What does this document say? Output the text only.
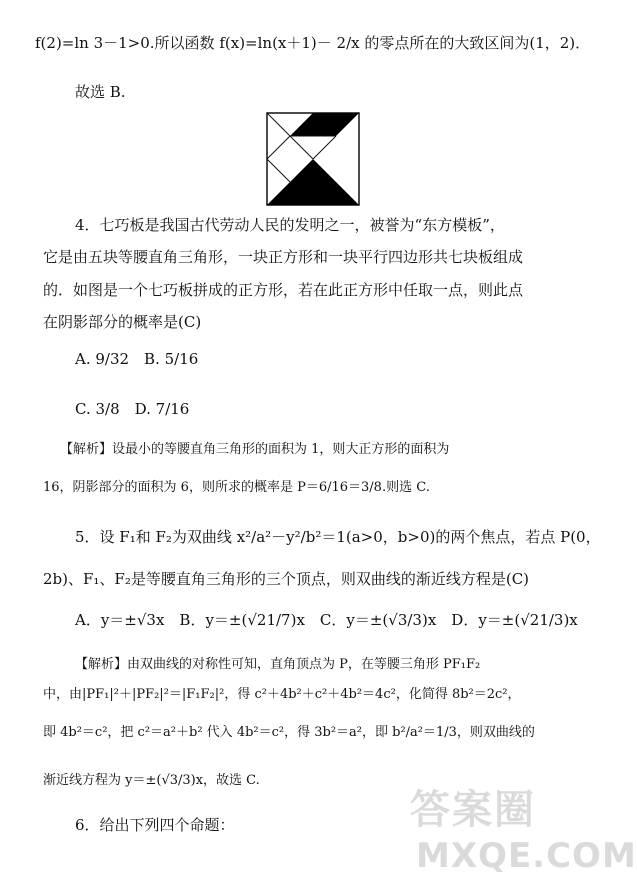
f(2)=ln 3－1>0.所以函数 f(x)=ln(x＋1)－ 2/x 的零点所在的大致区间为(1，2)．
故选 B.
4．七巧板是我国古代劳动人民的发明之一，被誉为“东方模板”，
它是由五块等腰直角三角形，一块正方形和一块平行四边形共七块板组成
的．如图是一个七巧板拼成的正方形，若在此正方形中任取一点，则此点
在阴影部分的概率是(C)
A. 9/32　B. 5/16
C. 3/8　D. 7/16
【解析】设最小的等腰直角三角形的面积为 1，则大正方形的面积为
16，阴影部分的面积为 6，则所求的概率是 P＝6/16＝3/8.则选 C.
5．设 F₁和 F₂为双曲线 x²/a²－y²/b²＝1(a>0，b>0)的两个焦点，若点 P(0，
2b)、F₁、F₂是等腰直角三角形的三个顶点，则双曲线的渐近线方程是(C)
A．y＝±√3x　B．y＝±(√21/7)x　C．y＝±(√3/3)x　D．y＝±(√21/3)x
【解析】由双曲线的对称性可知，直角顶点为 P，在等腰三角形 PF₁F₂
中，由|PF₁|²＋|PF₂|²＝|F₁F₂|²，得 c²＋4b²＋c²＋4b²＝4c²，化简得 8b²＝2c²，
即 4b²＝c²，把 c²＝a²＋b² 代入 4b²＝c²，得 3b²＝a²，即 b²/a²＝1/3，则双曲线的
渐近线方程为 y＝±(√3/3)x，故选 C.
6．给出下列四个命题：	答案圈
MXQE.COM
